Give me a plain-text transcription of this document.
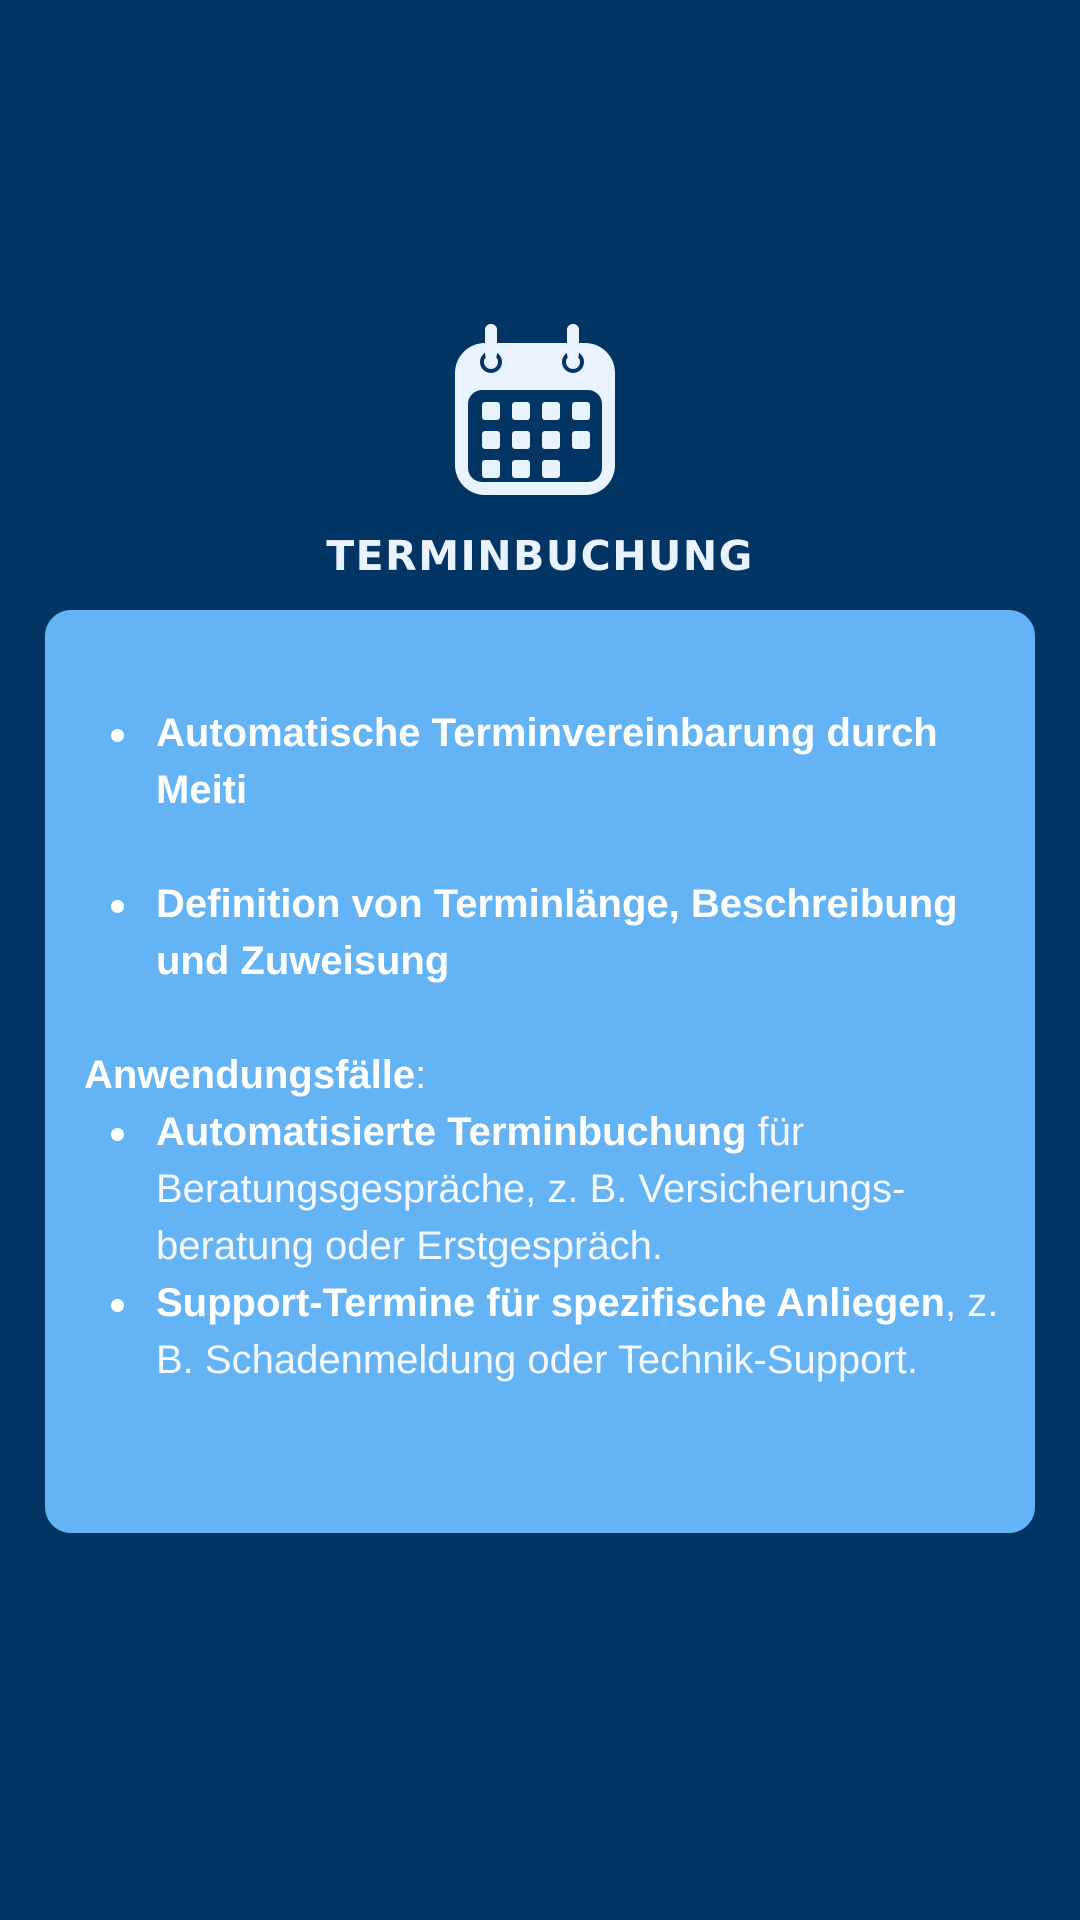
TERMINBUCHUNG
Automatische Terminvereinbarung durch Meiti
Definition von Terminlänge, Beschreibung und Zuweisung

Anwendungsfälle:

Automatisierte Terminbuchung für Beratungsgespräche, z. B. Versicherungs-beratung oder Erstgespräch.
Support-Termine für spezifische Anliegen, z. B. Schadenmeldung oder Technik-Support.
